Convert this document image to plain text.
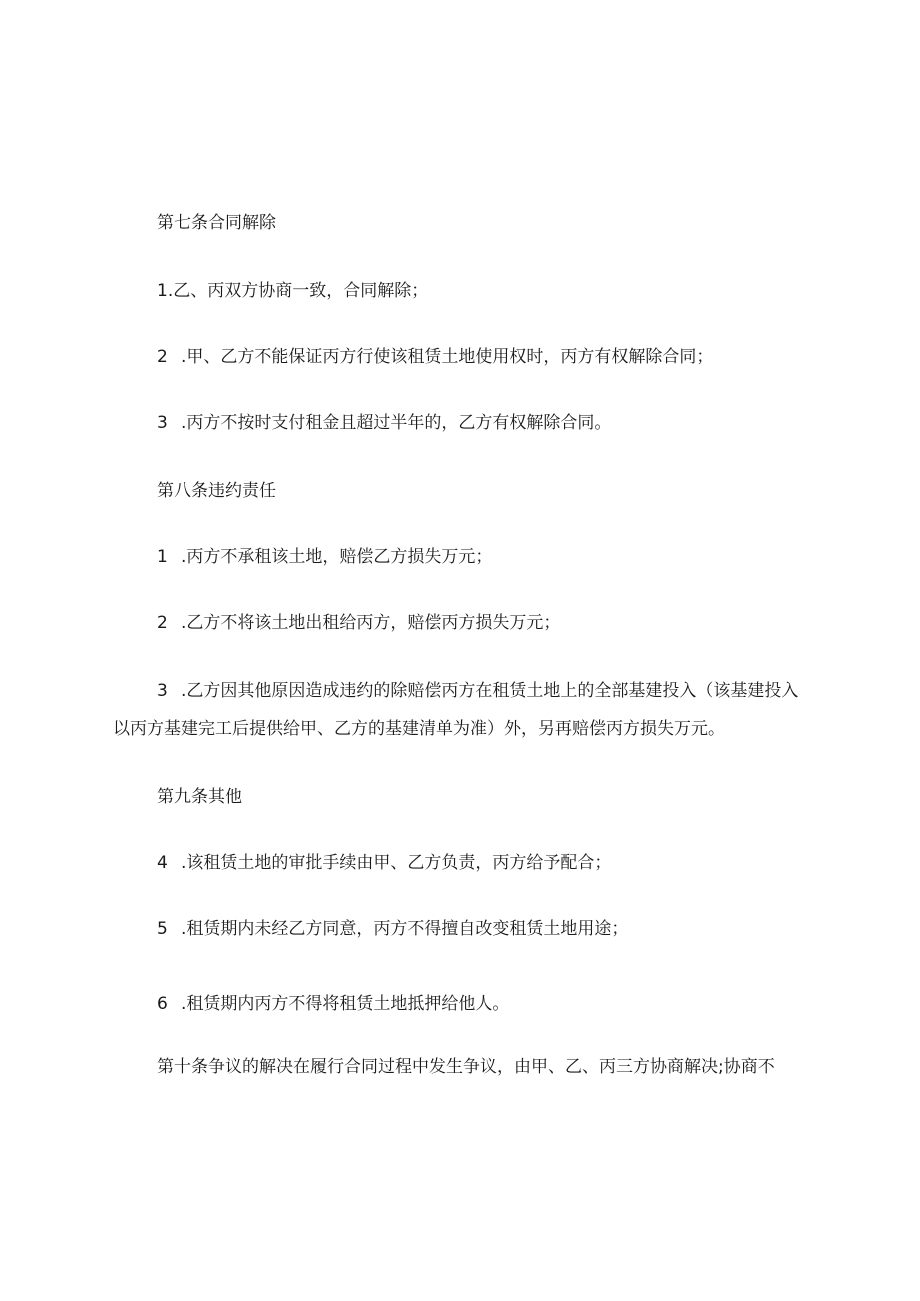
第七条合同解除
1.乙、丙双方协商一致，合同解除；
2 .甲、乙方不能保证丙方行使该租赁土地使用权时，丙方有权解除合同；
3 .丙方不按时支付租金且超过半年的，乙方有权解除合同。
第八条违约责任
1 .丙方不承租该土地，赔偿乙方损失万元；
2 .乙方不将该土地出租给丙方，赔偿丙方损失万元；
3 .乙方因其他原因造成违约的除赔偿丙方在租赁土地上的全部基建投入（该基建投入
以丙方基建完工后提供给甲、乙方的基建清单为准）外，另再赔偿丙方损失万元。
第九条其他
4 .该租赁土地的审批手续由甲、乙方负责，丙方给予配合；
5 .租赁期内未经乙方同意，丙方不得擅自改变租赁土地用途；
6 .租赁期内丙方不得将租赁土地抵押给他人。
第十条争议的解决在履行合同过程中发生争议，由甲、乙、丙三方协商解决;协商不
